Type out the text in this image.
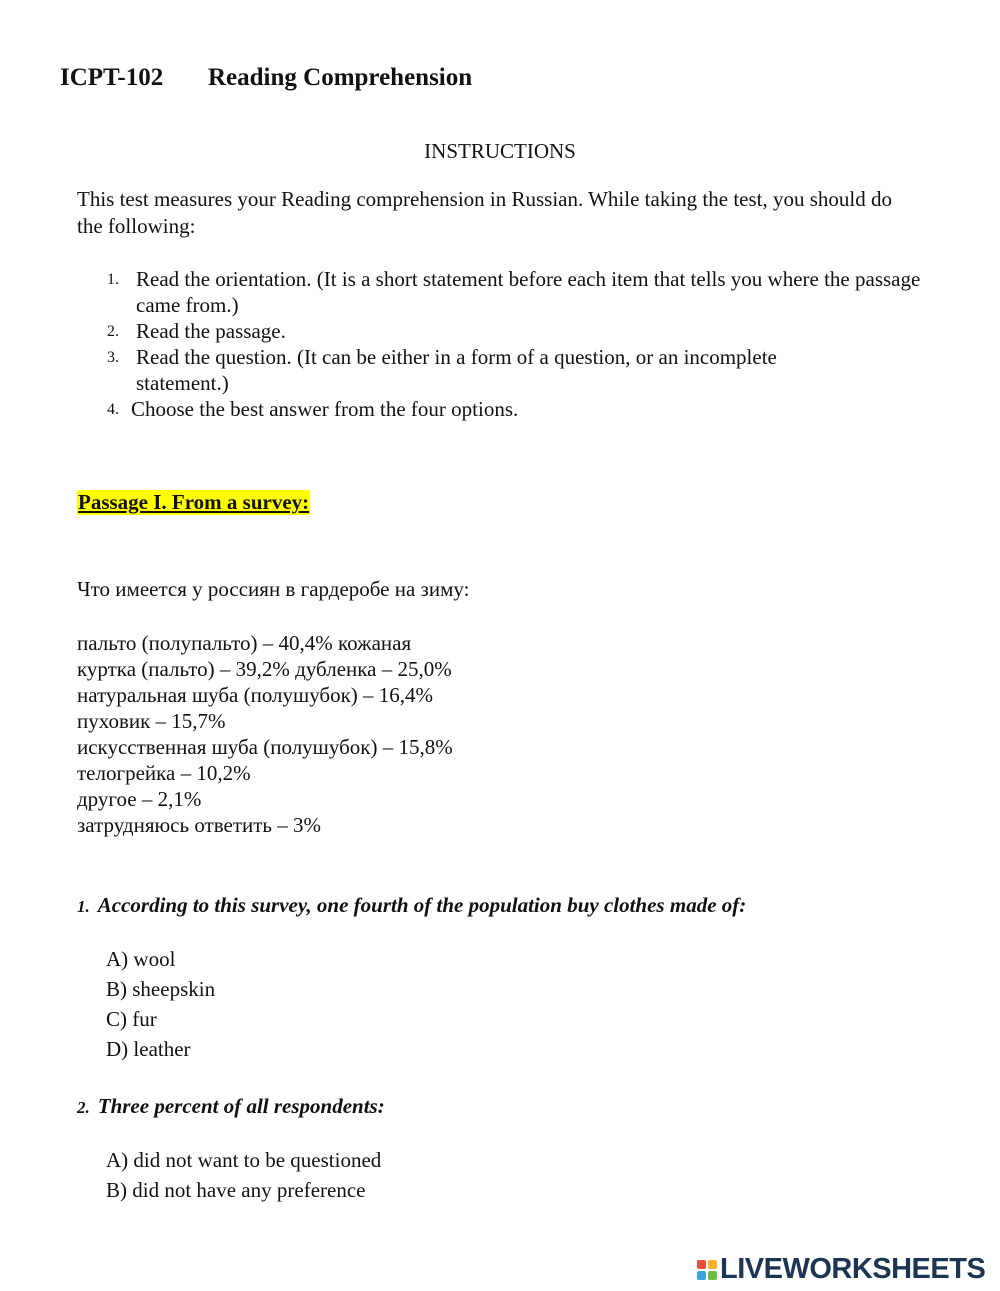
ICPT-102 Reading Comprehension
INSTRUCTIONS
This test measures your Reading comprehension in Russian. While taking the test, you should do the following:
1. Read the orientation. (It is a short statement before each item that tells you where the passage came from.)
2. Read the passage.
3. Read the question. (It can be either in a form of a question, or an incomplete statement.)
4. Choose the best answer from the four options.
Passage I. From a survey:
Что имеется у россиян в гардеробе на зиму:
пальто (полупальто) – 40,4% кожаная
куртка (пальто) – 39,2% дубленка – 25,0%
натуральная шуба (полушубок) – 16,4%
пуховик – 15,7%
искусственная шуба (полушубок) – 15,8%
телогрейка – 10,2%
другое – 2,1%
затрудняюсь ответить – 3%
1. According to this survey, one fourth of the population buy clothes made of:
A) wool
B) sheepskin
C) fur
D) leather
2. Three percent of all respondents:
A) did not want to be questioned
B) did not have any preference
LIVEWORKSHEETS
